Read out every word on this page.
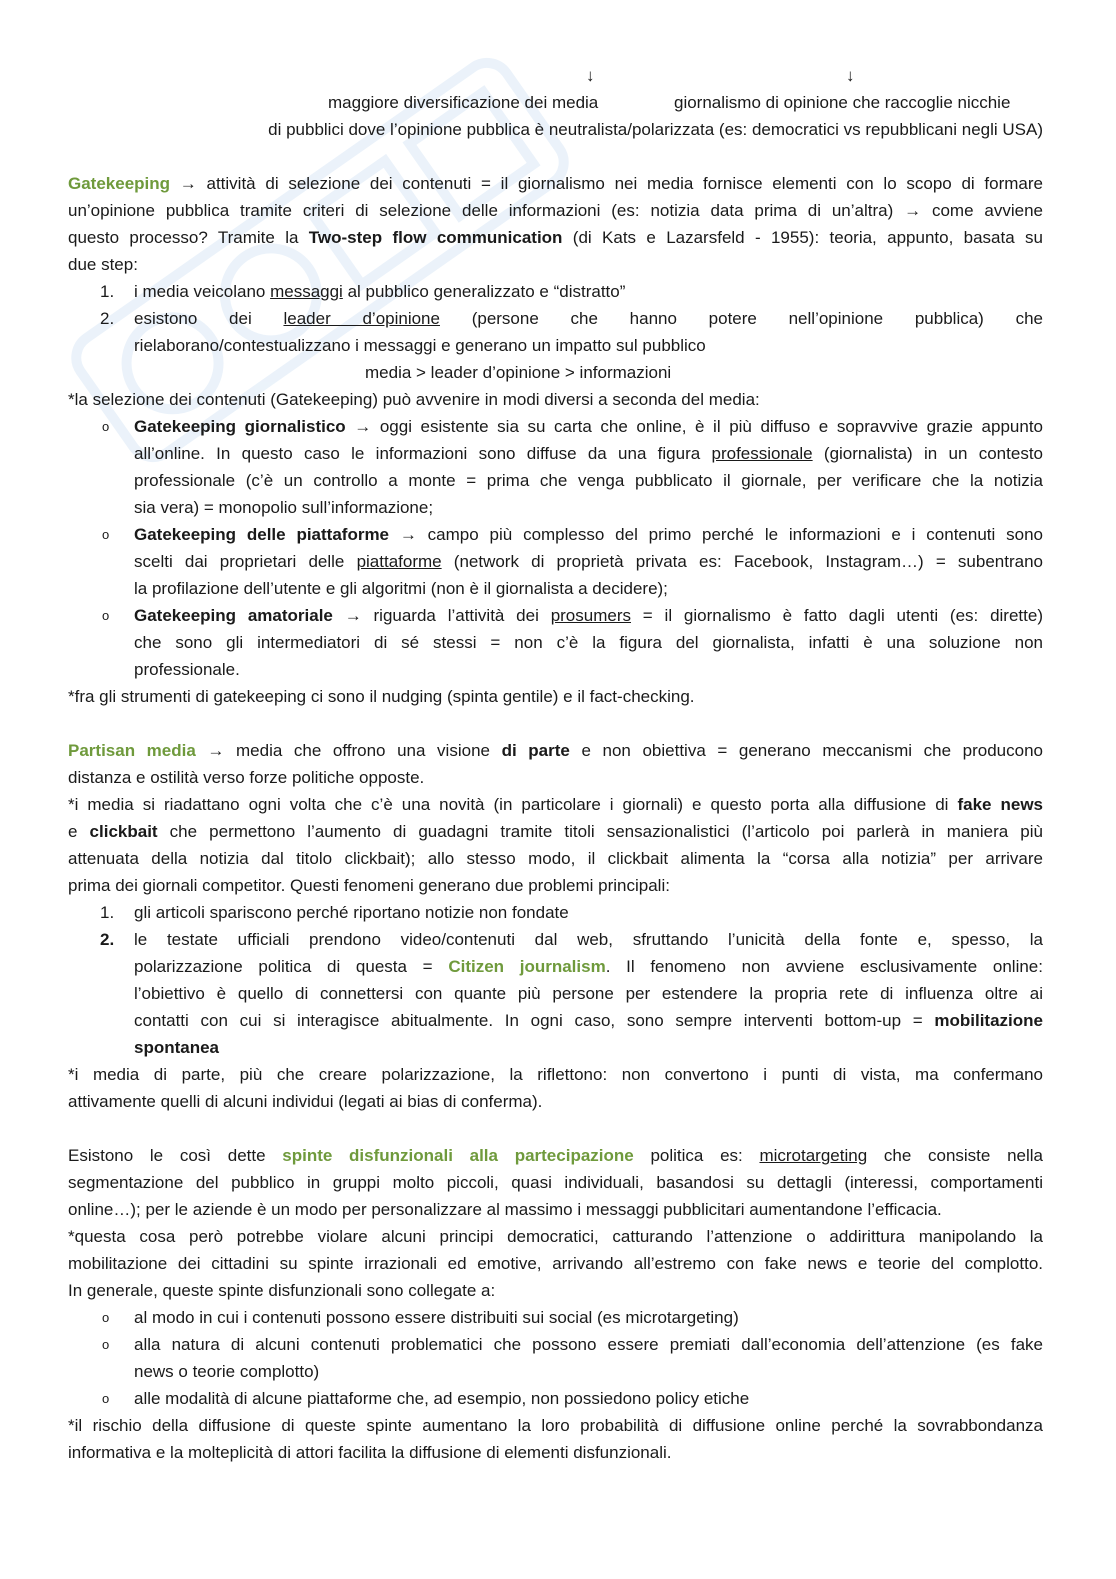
↓	↓
maggiore diversificazione dei media	giornalismo di opinione che raccoglie nicchie
di pubblici dove l’opinione pubblica è neutralista/polarizzata (es: democratici vs repubblicani negli USA)
Gatekeeping → attività di selezione dei contenuti = il giornalismo nei media fornisce elementi con lo scopo di formare
un’opinione pubblica tramite criteri di selezione delle informazioni (es: notizia data prima di un’altra) → come avviene
questo processo? Tramite la Two-step flow communication (di Kats e Lazarsfeld - 1955): teoria, appunto, basata su
due step:
1. i media veicolano messaggi al pubblico generalizzato e “distratto”
2. esistono dei leader d’opinione (persone che hanno potere nell’opinione pubblica) che
rielaborano/contestualizzano i messaggi e generano un impatto sul pubblico
media > leader d’opinione > informazioni
*la selezione dei contenuti (Gatekeeping) può avvenire in modi diversi a seconda del media:
o Gatekeeping giornalistico → oggi esistente sia su carta che online, è il più diffuso e sopravvive grazie appunto
all’online. In questo caso le informazioni sono diffuse da una figura professionale (giornalista) in un contesto
professionale (c’è un controllo a monte = prima che venga pubblicato il giornale, per verificare che la notizia
sia vera) = monopolio sull’informazione;
o Gatekeeping delle piattaforme → campo più complesso del primo perché le informazioni e i contenuti sono
scelti dai proprietari delle piattaforme (network di proprietà privata es: Facebook, Instagram…) = subentrano
la profilazione dell’utente e gli algoritmi (non è il giornalista a decidere);
o Gatekeeping amatoriale → riguarda l’attività dei prosumers = il giornalismo è fatto dagli utenti (es: dirette)
che sono gli intermediatori di sé stessi = non c’è la figura del giornalista, infatti è una soluzione non
professionale.
*fra gli strumenti di gatekeeping ci sono il nudging (spinta gentile) e il fact-checking.
Partisan media → media che offrono una visione di parte e non obiettiva = generano meccanismi che producono
distanza e ostilità verso forze politiche opposte.
*i media si riadattano ogni volta che c’è una novità (in particolare i giornali) e questo porta alla diffusione di fake news
e clickbait che permettono l’aumento di guadagni tramite titoli sensazionalistici (l’articolo poi parlerà in maniera più
attenuata della notizia dal titolo clickbait); allo stesso modo, il clickbait alimenta la “corsa alla notizia” per arrivare
prima dei giornali competitor. Questi fenomeni generano due problemi principali:
1. gli articoli spariscono perché riportano notizie non fondate
2. le testate ufficiali prendono video/contenuti dal web, sfruttando l’unicità della fonte e, spesso, la
polarizzazione politica di questa = Citizen journalism. Il fenomeno non avviene esclusivamente online:
l’obiettivo è quello di connettersi con quante più persone per estendere la propria rete di influenza oltre ai
contatti con cui si interagisce abitualmente. In ogni caso, sono sempre interventi bottom-up = mobilitazione
spontanea
*i media di parte, più che creare polarizzazione, la riflettono: non convertono i punti di vista, ma confermano
attivamente quelli di alcuni individui (legati ai bias di conferma).
Esistono le così dette spinte disfunzionali alla partecipazione politica es: microtargeting che consiste nella
segmentazione del pubblico in gruppi molto piccoli, quasi individuali, basandosi su dettagli (interessi, comportamenti
online…); per le aziende è un modo per personalizzare al massimo i messaggi pubblicitari aumentandone l’efficacia.
*questa cosa però potrebbe violare alcuni principi democratici, catturando l’attenzione o addirittura manipolando la
mobilitazione dei cittadini su spinte irrazionali ed emotive, arrivando all’estremo con fake news e teorie del complotto.
In generale, queste spinte disfunzionali sono collegate a:
o al modo in cui i contenuti possono essere distribuiti sui social (es microtargeting)
o alla natura di alcuni contenuti problematici che possono essere premiati dall’economia dell’attenzione (es fake
news o teorie complotto)
o alle modalità di alcune piattaforme che, ad esempio, non possiedono policy etiche
*il rischio della diffusione di queste spinte aumentano la loro probabilità di diffusione online perché la sovrabbondanza
informativa e la molteplicità di attori facilita la diffusione di elementi disfunzionali.
